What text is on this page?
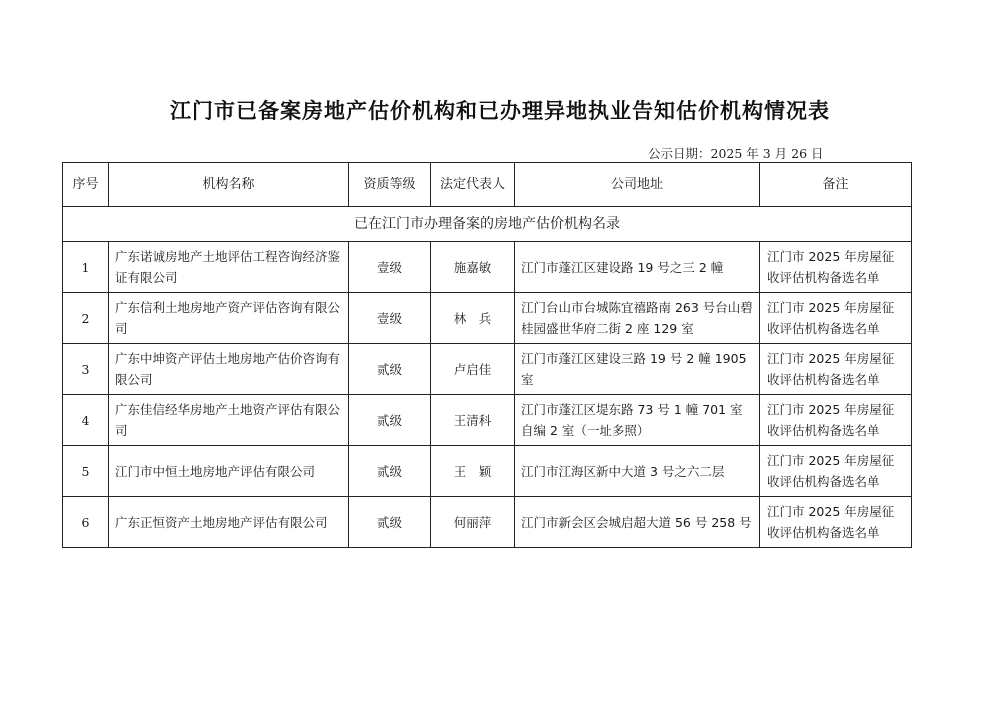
江门市已备案房地产估价机构和已办理异地执业告知估价机构情况表
公示日期：2025 年 3 月 26 日
序号	机构名称	资质等级	法定代表人	公司地址	备注
已在江门市办理备案的房地产估价机构名录					
1	广东诺诚房地产土地评估工程咨询经济鉴证有限公司	壹级	施嘉敏	江门市蓬江区建设路 19 号之三 2 幢	江门市 2025 年房屋征收评估机构备选名单
2	广东信利土地房地产资产评估咨询有限公司	壹级	林　兵	江门台山市台城陈宜禧路南 263 号台山碧桂园盛世华府二街 2 座 129 室	江门市 2025 年房屋征收评估机构备选名单
3	广东中坤资产评估土地房地产估价咨询有限公司	贰级	卢启佳	江门市蓬江区建设三路 19 号 2 幢 1905 室	江门市 2025 年房屋征收评估机构备选名单
4	广东佳信经华房地产土地资产评估有限公司	贰级	王清科	江门市蓬江区堤东路 73 号 1 幢 701 室自编 2 室（一址多照）	江门市 2025 年房屋征收评估机构备选名单
5	江门市中恒土地房地产评估有限公司	贰级	王　颖	江门市江海区新中大道 3 号之六二层	江门市 2025 年房屋征收评估机构备选名单
6	广东正恒资产土地房地产评估有限公司	贰级	何丽萍	江门市新会区会城启超大道 56 号 258 号	江门市 2025 年房屋征收评估机构备选名单
